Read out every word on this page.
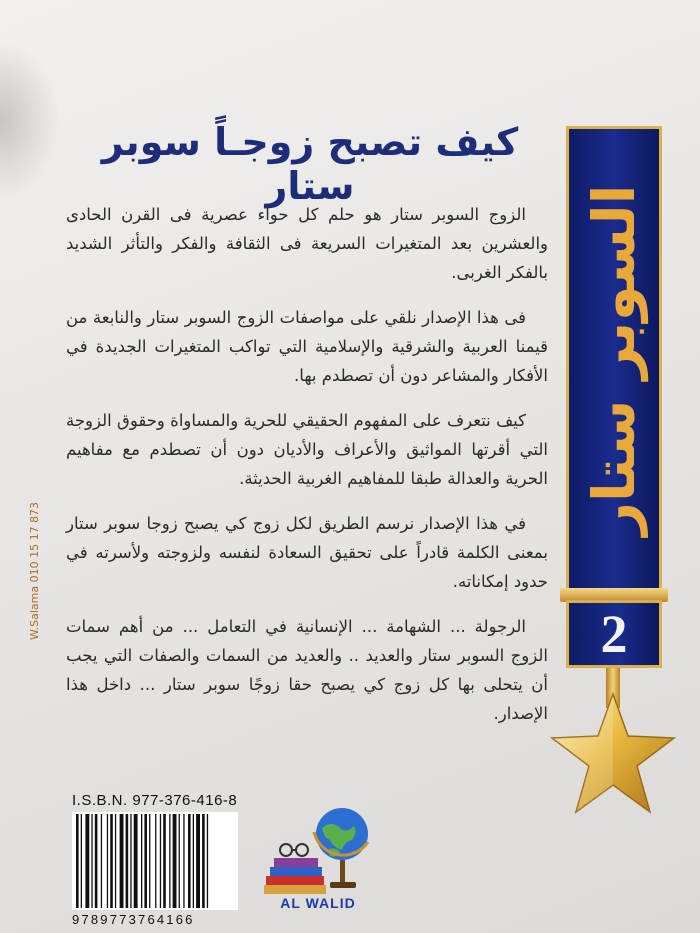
كيف تصبح زوجـاً سوبر ستار

الزوج السوبر ستار هو حلم كل حواء عصرية فى القرن الحادى والعشرين بعد المتغيرات السريعة فى الثقافة والفكر والتأثر الشديد بالفكر الغربى.

فى هذا الإصدار نلقي على مواصفات الزوج السوبر ستار والنابعة من قيمنا العربية والشرقية والإسلامية التي تواكب المتغيرات الجديدة في الأفكار والمشاعر دون أن تصطدم بها.

كيف نتعرف على المفهوم الحقيقي للحرية والمساواة وحقوق الزوجة التي أقرتها المواثيق والأعراف والأديان دون أن تصطدم مع مفاهيم الحرية والعدالة طبقا للمفاهيم الغربية الحديثة.

في هذا الإصدار نرسم الطريق لكل زوج كي يصبح زوجا سوبر ستار بمعنى الكلمة قادراً على تحقيق السعادة لنفسه ولزوجته ولأسرته في حدود إمكاناته.

الرجولة ... الشهامة ... الإنسانية في التعامل ... من أهم سمات الزوج السوبر ستار والعديد .. والعديد من السمات والصفات التي يجب أن يتحلى بها كل زوج كي يصبح حقا زوجًا سوبر ستار ... داخل هذا الإصدار.

W.Salama 010 15 17 873
السوبر ستار
2
I.S.B.N. 977-376-416-8
9789773764166
AL WALID
